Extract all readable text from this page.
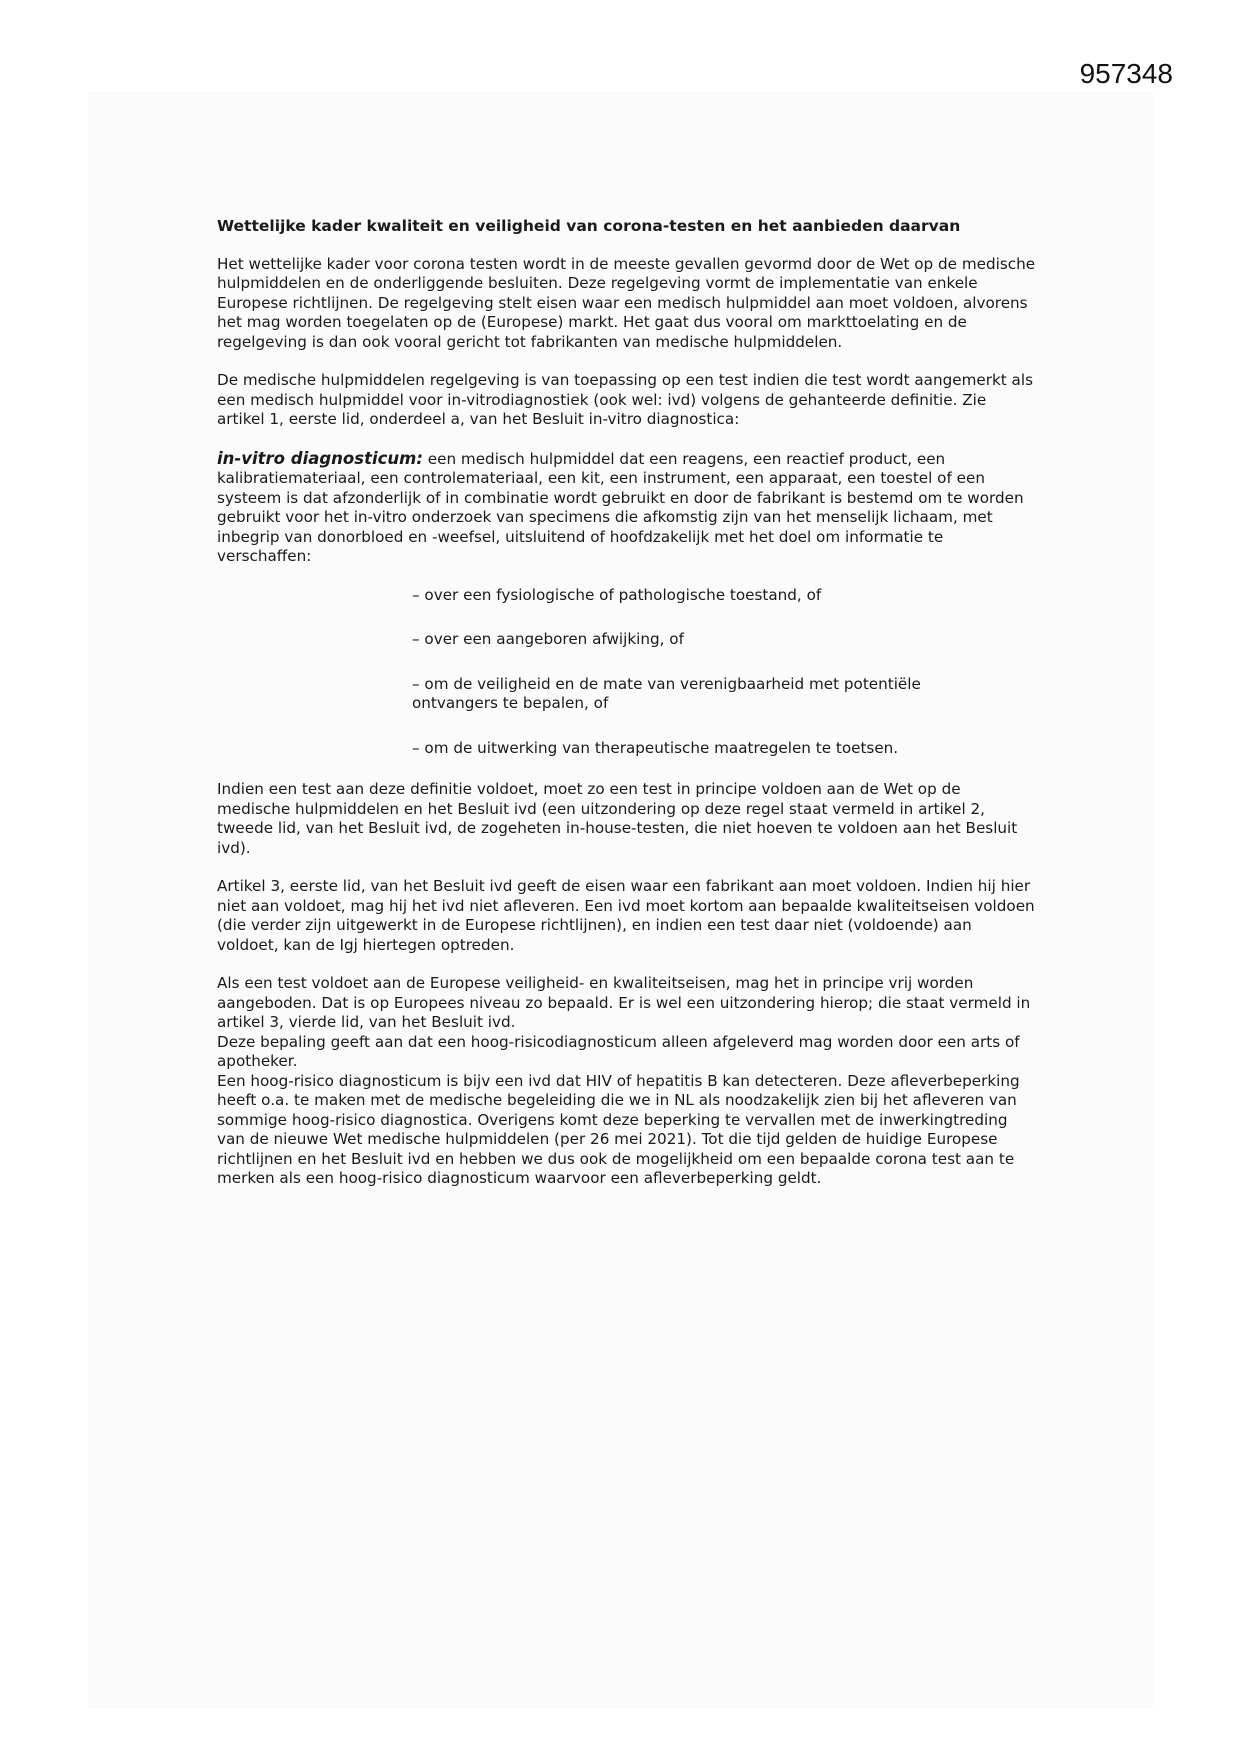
957348
Wettelijke kader kwaliteit en veiligheid van corona-testen en het aanbieden daarvan

Het wettelijke kader voor corona testen wordt in de meeste gevallen gevormd door de Wet op de medische hulpmiddelen en de onderliggende besluiten. Deze regelgeving vormt de implementatie van enkele Europese richtlijnen. De regelgeving stelt eisen waar een medisch hulpmiddel aan moet voldoen, alvorens het mag worden toegelaten op de (Europese) markt. Het gaat dus vooral om markttoelating en de regelgeving is dan ook vooral gericht tot fabrikanten van medische hulpmiddelen.

De medische hulpmiddelen regelgeving is van toepassing op een test indien die test wordt aangemerkt als een medisch hulpmiddel voor in-vitrodiagnostiek (ook wel: ivd) volgens de gehanteerde definitie. Zie artikel 1, eerste lid, onderdeel a, van het Besluit in-vitro diagnostica:

in-vitro diagnosticum: een medisch hulpmiddel dat een reagens, een reactief product, een kalibratiemateriaal, een controlemateriaal, een kit, een instrument, een apparaat, een toestel of een systeem is dat afzonderlijk of in combinatie wordt gebruikt en door de fabrikant is bestemd om te worden gebruikt voor het in-vitro onderzoek van specimens die afkomstig zijn van het menselijk lichaam, met inbegrip van donorbloed en -weefsel, uitsluitend of hoofdzakelijk met het doel om informatie te verschaffen:

– over een fysiologische of pathologische toestand, of
– over een aangeboren afwijking, of
– om de veiligheid en de mate van verenigbaarheid met potentiële ontvangers te bepalen, of
– om de uitwerking van therapeutische maatregelen te toetsen.

Indien een test aan deze definitie voldoet, moet zo een test in principe voldoen aan de Wet op de medische hulpmiddelen en het Besluit ivd (een uitzondering op deze regel staat vermeld in artikel 2, tweede lid, van het Besluit ivd, de zogeheten in-house-testen, die niet hoeven te voldoen aan het Besluit ivd).

Artikel 3, eerste lid, van het Besluit ivd geeft de eisen waar een fabrikant aan moet voldoen. Indien hij hier niet aan voldoet, mag hij het ivd niet afleveren. Een ivd moet kortom aan bepaalde kwaliteitseisen voldoen (die verder zijn uitgewerkt in de Europese richtlijnen), en indien een test daar niet (voldoende) aan voldoet, kan de Igj hiertegen optreden.

Als een test voldoet aan de Europese veiligheid- en kwaliteitseisen, mag het in principe vrij worden aangeboden. Dat is op Europees niveau zo bepaald. Er is wel een uitzondering hierop; die staat vermeld in artikel 3, vierde lid, van het Besluit ivd.

Deze bepaling geeft aan dat een hoog-risicodiagnosticum alleen afgeleverd mag worden door een arts of apotheker.

Een hoog-risico diagnosticum is bijv een ivd dat HIV of hepatitis B kan detecteren. Deze afleverbeperking heeft o.a. te maken met de medische begeleiding die we in NL als noodzakelijk zien bij het afleveren van sommige hoog-risico diagnostica. Overigens komt deze beperking te vervallen met de inwerkingtreding van de nieuwe Wet medische hulpmiddelen (per 26 mei 2021). Tot die tijd gelden de huidige Europese richtlijnen en het Besluit ivd en hebben we dus ook de mogelijkheid om een bepaalde corona test aan te merken als een hoog-risico diagnosticum waarvoor een afleverbeperking geldt.
